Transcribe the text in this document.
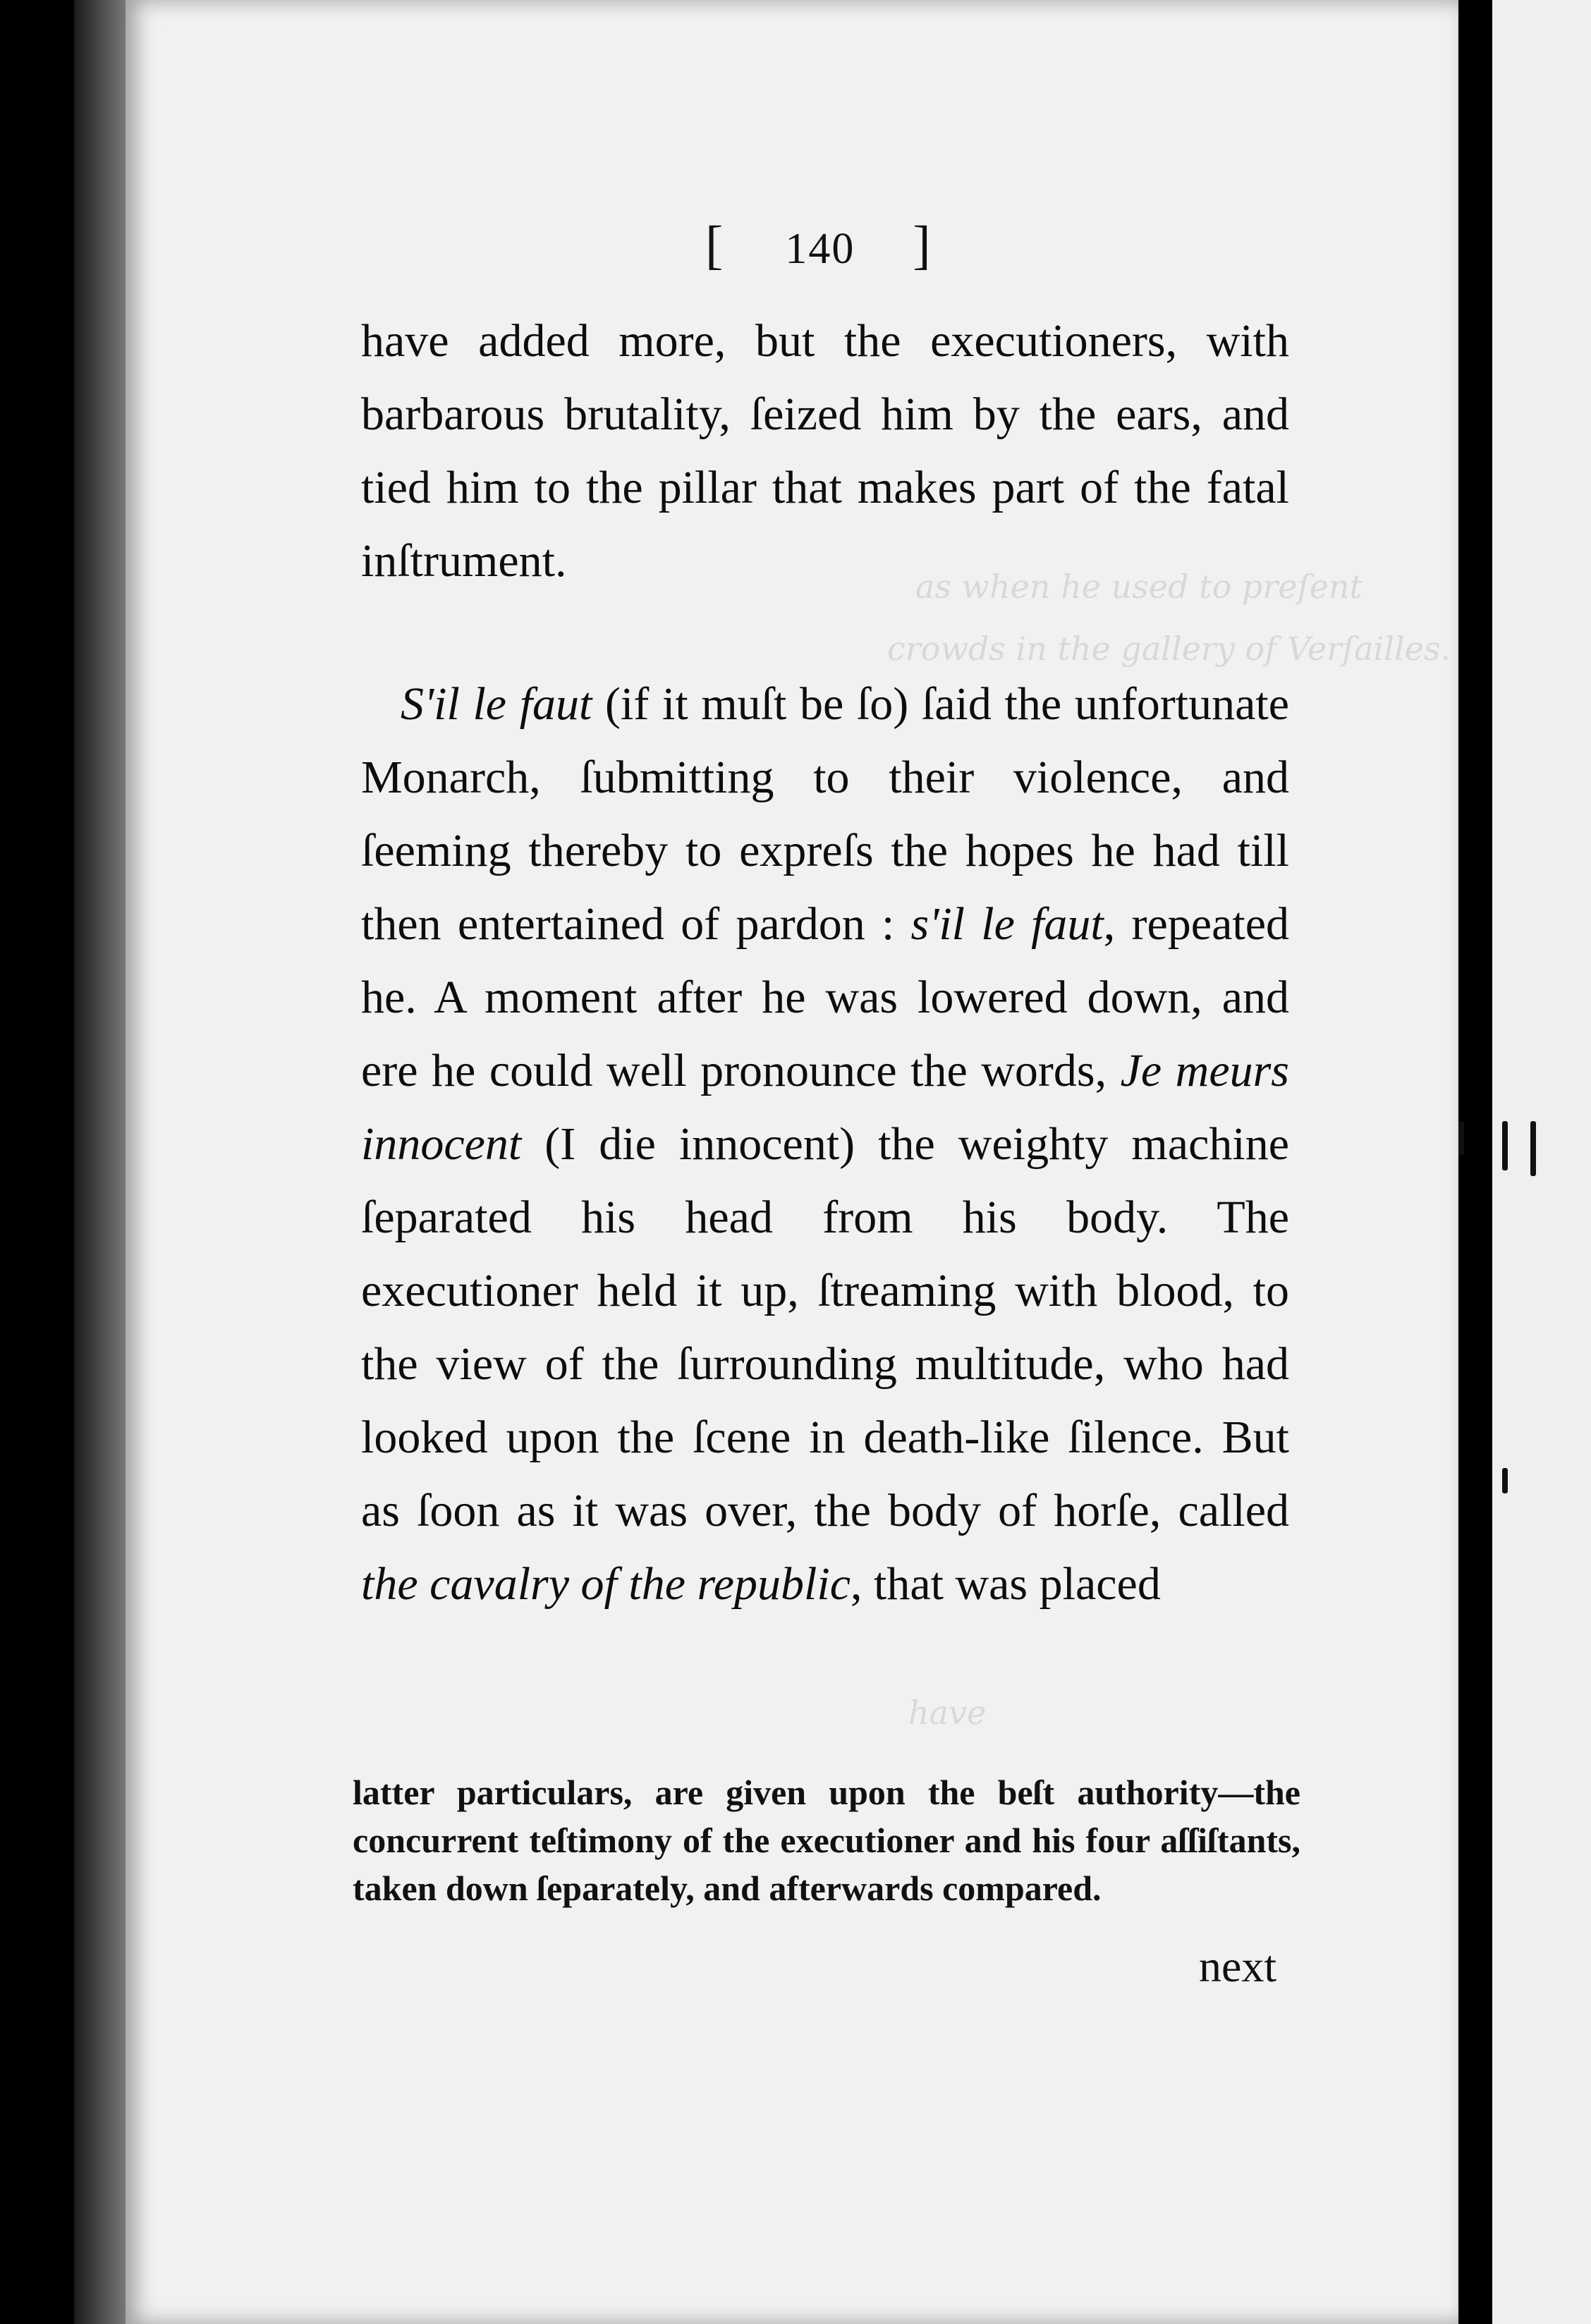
[ 140 ]

have added more, but the executioners, with barbarous brutality, ſeized him by the ears, and tied him to the pillar that makes part of the fatal inſtrument.

S'il le faut (if it muſt be ſo) ſaid the unfortunate Monarch, ſubmitting to their violence, and ſeeming thereby to expreſs the hopes he had till then entertained of pardon : s'il le faut, repeated he. A moment after he was lowered down, and ere he could well pronounce the words, Je meurs innocent (I die innocent) the weighty machine ſeparated his head from his body. The executioner held it up, ſtreaming with blood, to the view of the ſurrounding multitude, who had looked upon the ſcene in death-like ſilence. But as ſoon as it was over, the body of horſe, called the cavalry of the republic, that was placed

latter particulars, are given upon the beſt authority—the concurrent teſtimony of the executioner and his four aſſiſtants, taken down ſeparately, and afterwards compared.

next
